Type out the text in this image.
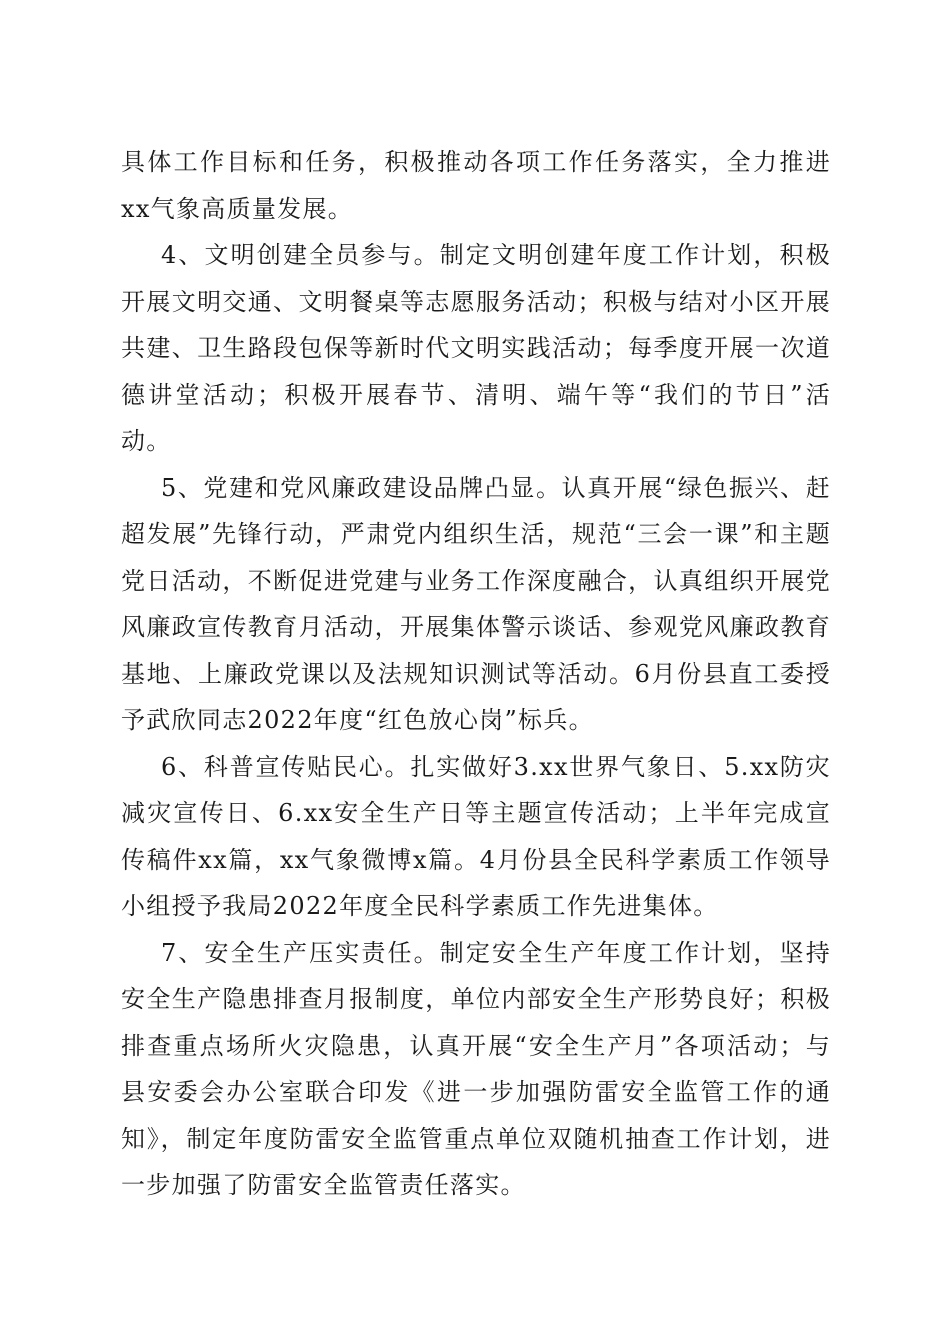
具体工作目标和任务，积极推动各项工作任务落实，全力推进xx气象高质量发展。

4、文明创建全员参与。制定文明创建年度工作计划，积极开展文明交通、文明餐桌等志愿服务活动；积极与结对小区开展共建、卫生路段包保等新时代文明实践活动；每季度开展一次道德讲堂活动；积极开展春节、清明、端午等“我们的节日”活动。

5、党建和党风廉政建设品牌凸显。认真开展“绿色振兴、赶超发展”先锋行动，严肃党内组织生活，规范“三会一课”和主题党日活动，不断促进党建与业务工作深度融合，认真组织开展党风廉政宣传教育月活动，开展集体警示谈话、参观党风廉政教育基地、上廉政党课以及法规知识测试等活动。6月份县直工委授予武欣同志2022年度“红色放心岗”标兵。

6、科普宣传贴民心。扎实做好3.xx世界气象日、5.xx防灾减灾宣传日、6.xx安全生产日等主题宣传活动；上半年完成宣传稿件xx篇，xx气象微博x篇。4月份县全民科学素质工作领导小组授予我局2022年度全民科学素质工作先进集体。

7、安全生产压实责任。制定安全生产年度工作计划，坚持安全生产隐患排查月报制度，单位内部安全生产形势良好；积极排查重点场所火灾隐患，认真开展“安全生产月”各项活动；与县安委会办公室联合印发《进一步加强防雷安全监管工作的通知》，制定年度防雷安全监管重点单位双随机抽查工作计划，进一步加强了防雷安全监管责任落实。
